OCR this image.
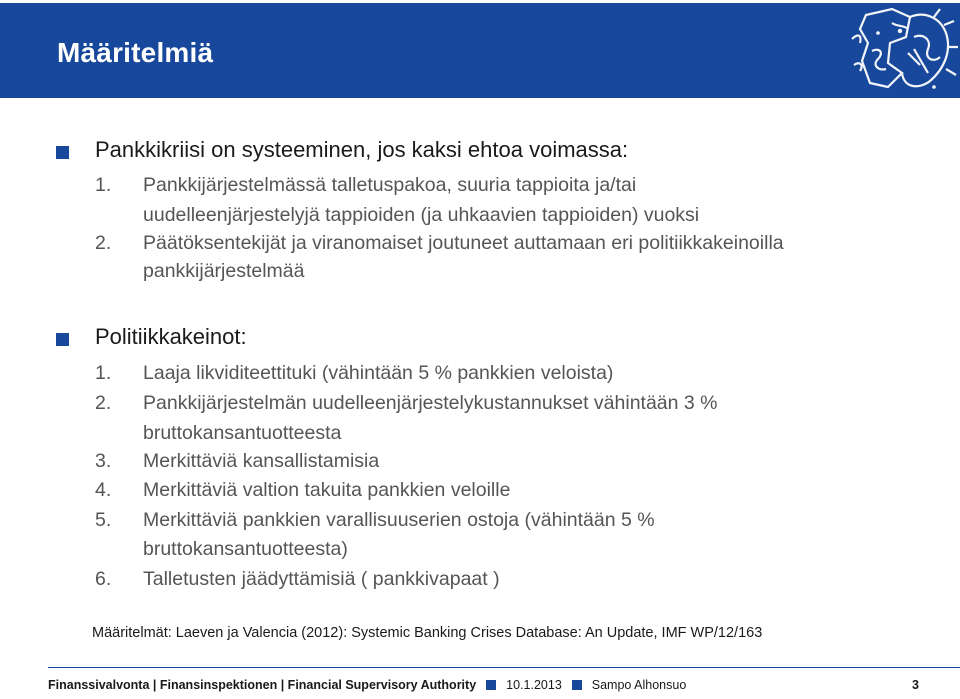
Määritelmiä
Pankkikriisi on systeeminen, jos kaksi ehtoa voimassa:
1. Pankkijärjestelmässä talletuspakoa, suuria tappioita ja/tai
uudelleenjärjestelyjä tappioiden (ja uhkaavien tappioiden) vuoksi
2. Päätöksentekijät ja viranomaiset joutuneet auttamaan eri politiikkakeinoilla
pankkijärjestelmää
Politiikkakeinot:
1. Laaja likviditeettituki (vähintään 5 % pankkien veloista)
2. Pankkijärjestelmän uudelleenjärjestelykustannukset vähintään 3 %
bruttokansantuotteesta
3. Merkittäviä kansallistamisia
4. Merkittäviä valtion takuita pankkien veloille
5. Merkittäviä pankkien varallisuuserien ostoja (vähintään 5 %
bruttokansantuotteesta)
6. Talletusten jäädyttämisiä ( pankkivapaat )
Määritelmät: Laeven ja Valencia (2012): Systemic Banking Crises Database: An Update, IMF WP/12/163
Finanssivalvonta | Finansinspektionen | Financial Supervisory Authority 10.1.2013 Sampo Alhonsuo	3
